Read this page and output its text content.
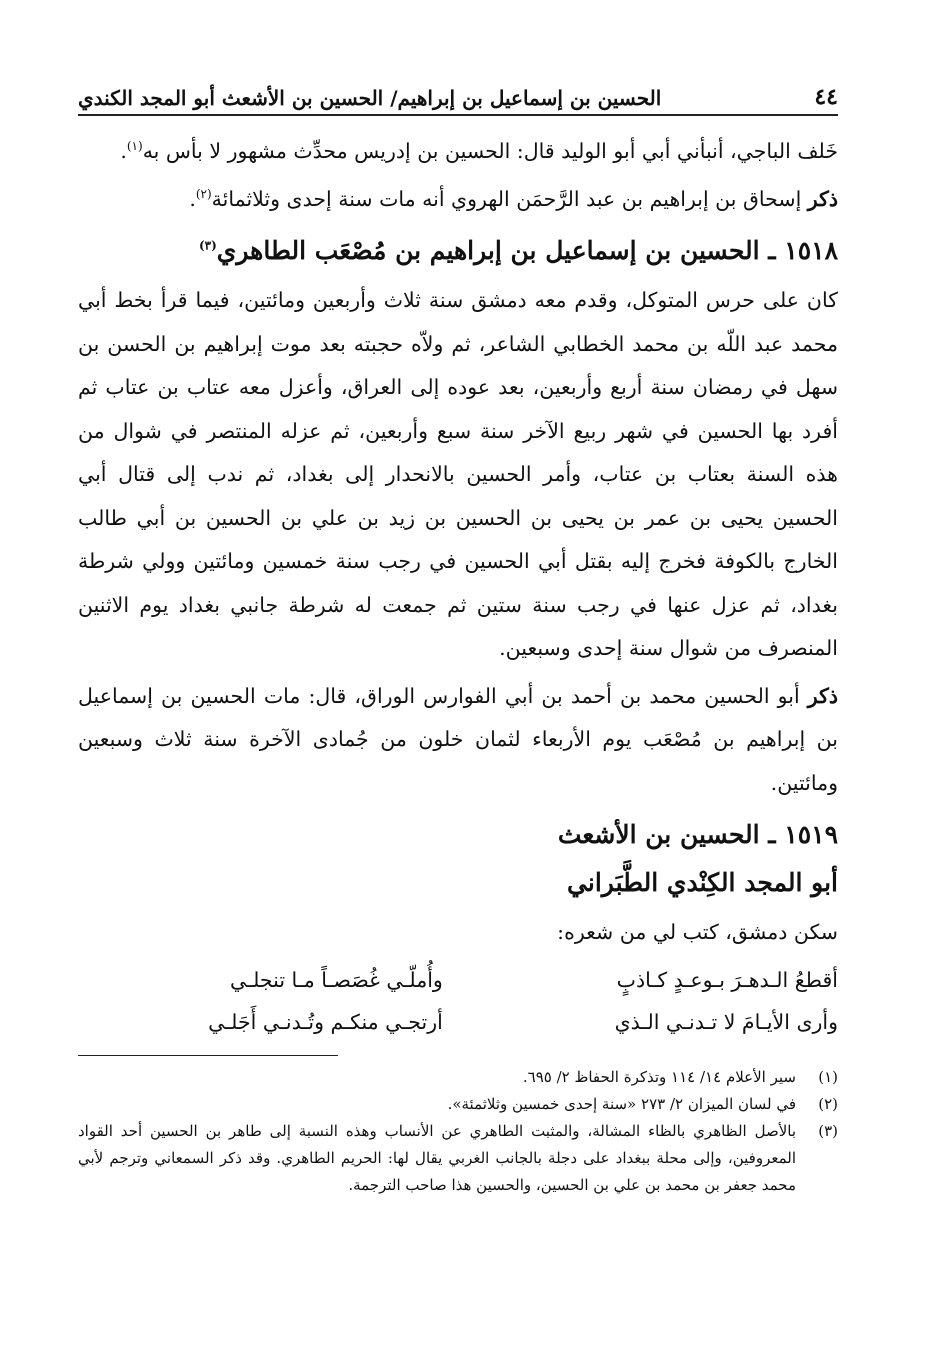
٤٤
الحسين بن إسماعيل بن إبراهيم/ الحسين بن الأشعث أبو المجد الكندي

خَلف الباجي، أنبأني أبي أبو الوليد قال: الحسين بن إدريس محدِّث مشهور لا بأس به$^{(١)}$.

ذكر إسحاق بن إبراهيم بن عبد الرَّحمَن الهروي أنه مات سنة إحدى وثلاثمائة$^{(٢)}$.

١٥١٨ ـ الحسين بن إسماعيل بن إبراهيم بن مُصْعَب الطاهري$^{(٣)}$

كان على حرس المتوكل، وقدم معه دمشق سنة ثلاث وأربعين ومائتين، فيما قرأ بخط أبي محمد عبد اللّه بن محمد الخطابي الشاعر، ثم ولاّه حجبته بعد موت إبراهيم بن الحسن بن سهل في رمضان سنة أربع وأربعين، بعد عوده إلى العراق، وأعزل معه عتاب بن عتاب ثم أفرد بها الحسين في شهر ربيع الآخر سنة سبع وأربعين، ثم عزله المنتصر في شوال من هذه السنة بعتاب بن عتاب، وأمر الحسين بالانحدار إلى بغداد، ثم ندب إلى قتال أبي الحسين يحيى بن عمر بن يحيى بن الحسين بن زيد بن علي بن الحسين بن أبي طالب الخارج بالكوفة فخرج إليه بقتل أبي الحسين في رجب سنة خمسين ومائتين وولي شرطة بغداد، ثم عزل عنها في رجب سنة ستين ثم جمعت له شرطة جانبي بغداد يوم الاثنين المنصرف من شوال سنة إحدى وسبعين.

ذكر أبو الحسين محمد بن أحمد بن أبي الفوارس الوراق، قال: مات الحسين بن إسماعيل بن إبراهيم بن مُصْعَب يوم الأربعاء لثمان خلون من جُمادى الآخرة سنة ثلاث وسبعين ومائتين.

١٥١٩ ـ الحسين بن الأشعث
أبو المجد الكِنْدي الطَّبَراني

سكن دمشق، كتب لي من شعره:

أقطعُ الـدهـرَ بـوعـدٍ كـاذبٍ
وأُملّـي غُصَصـاً مـا تنجلـي
وأرى الأيـامَ لا تـدنـي الـذي
أرتجـي منكـم وتُـدنـي أَجَلـي
(١)
سير الأعلام ١٤/ ١١٤ وتذكرة الحفاظ ٢/ ٦٩٥.
(٢)
في لسان الميزان ٢/ ٢٧٣ «سنة إحدى خمسين وثلاثمئة».
(٣)
بالأصل الظاهري بالظاء المشالة، والمثبت الطاهري عن الأنساب وهذه النسبة إلى طاهر بن الحسين أحد القواد المعروفين، وإلى محلة ببغداد على دجلة بالجانب الغربي يقال لها: الحريم الطاهري. وقد ذكر السمعاني وترجم لأبي محمد جعفر بن محمد بن علي بن الحسين، والحسين هذا صاحب الترجمة.
